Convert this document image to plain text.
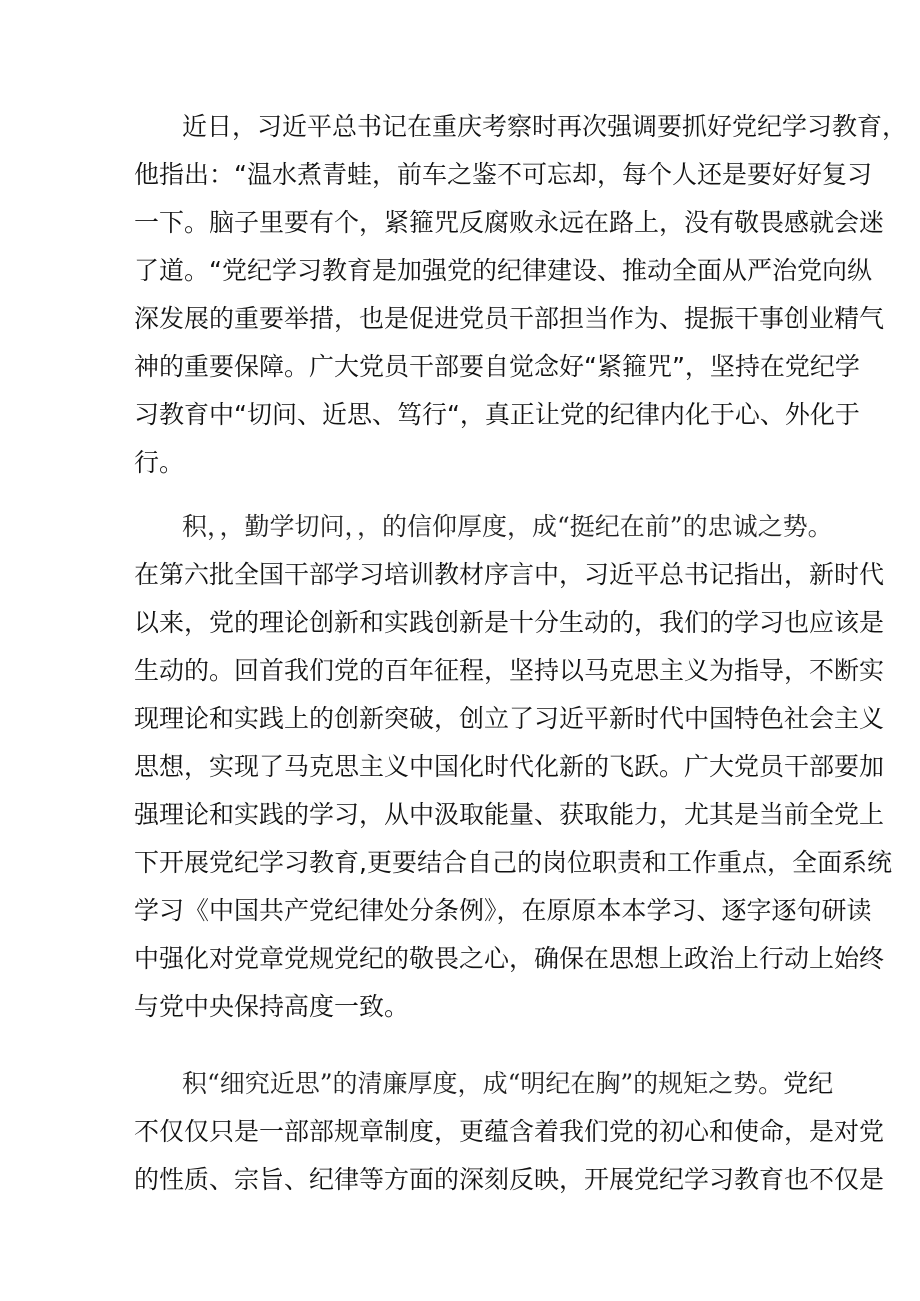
近日，习近平总书记在重庆考察时再次强调要抓好党纪学习教育，
他指出：“温水煮青蛙，前车之鉴不可忘却，每个人还是要好好复习
一下。脑子里要有个，紧箍咒反腐败永远在路上，没有敬畏感就会迷
了道。“党纪学习教育是加强党的纪律建设、推动全面从严治党向纵
深发展的重要举措，也是促进党员干部担当作为、提振干事创业精气
神的重要保障。广大党员干部要自觉念好“紧箍咒”，坚持在党纪学
习教育中“切问、近思、笃行“，真正让党的纪律内化于心、外化于
行。
积，，勤学切问，，的信仰厚度，成“挺纪在前”的忠诚之势。
在第六批全国干部学习培训教材序言中，习近平总书记指出，新时代
以来，党的理论创新和实践创新是十分生动的，我们的学习也应该是
生动的。回首我们党的百年征程，坚持以马克思主义为指导，不断实
现理论和实践上的创新突破，创立了习近平新时代中国特色社会主义
思想，实现了马克思主义中国化时代化新的飞跃。广大党员干部要加
强理论和实践的学习，从中汲取能量、获取能力，尤其是当前全党上
下开展党纪学习教育,更要结合自己的岗位职责和工作重点，全面系统
学习《中国共产党纪律处分条例》，在原原本本学习、逐字逐句研读
中强化对党章党规党纪的敬畏之心，确保在思想上政治上行动上始终
与党中央保持高度一致。
积“细究近思”的清廉厚度，成“明纪在胸”的规矩之势。党纪
不仅仅只是一部部规章制度，更蕴含着我们党的初心和使命，是对党
的性质、宗旨、纪律等方面的深刻反映，开展党纪学习教育也不仅是
